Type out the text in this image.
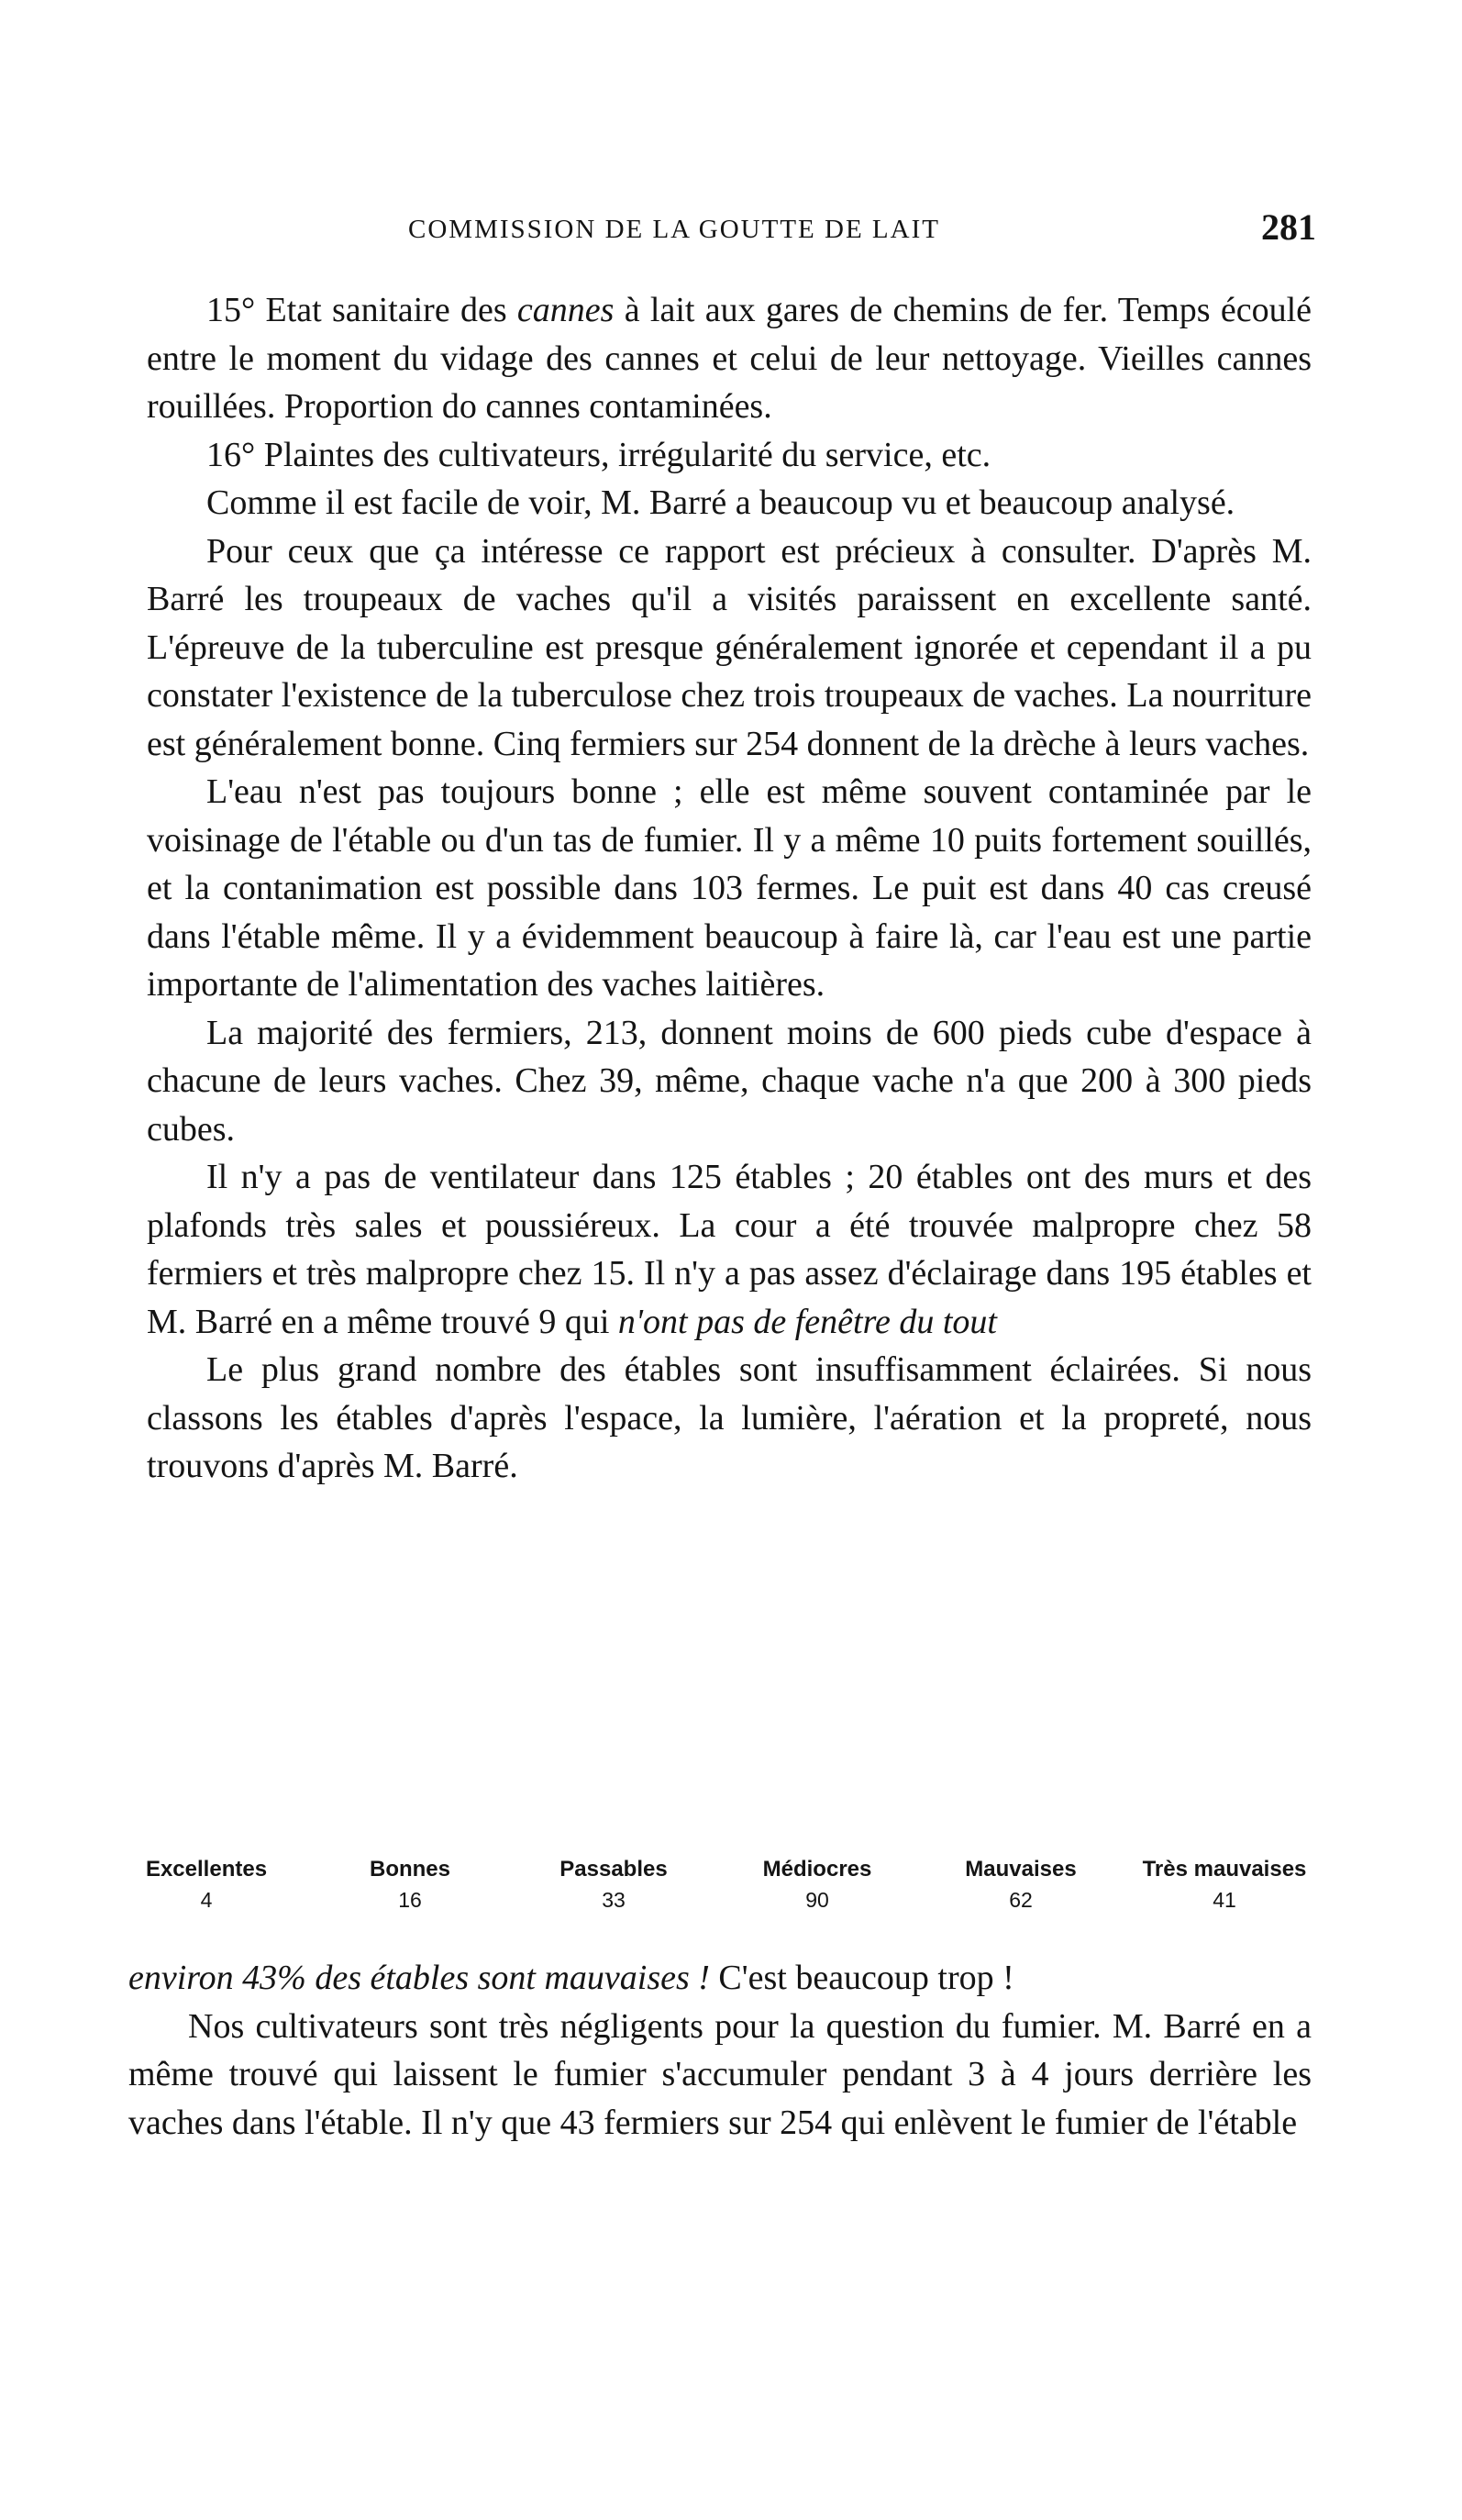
COMMISSION DE LA GOUTTE DE LAIT	281

15° Etat sanitaire des cannes à lait aux gares de chemins de fer. Temps écoulé entre le moment du vidage des cannes et celui de leur nettoyage. Vieilles cannes rouillées. Proportion do cannes contaminées.

16° Plaintes des cultivateurs, irrégularité du service, etc.

Comme il est facile de voir, M. Barré a beaucoup vu et beaucoup analysé.

Pour ceux que ça intéresse ce rapport est précieux à consulter. D'après M. Barré les troupeaux de vaches qu'il a visités paraissent en excellente santé. L'épreuve de la tuberculine est presque généralement ignorée et cependant il a pu constater l'existence de la tuberculose chez trois troupeaux de vaches. La nourriture est généralement bonne. Cinq fermiers sur 254 donnent de la drèche à leurs vaches.

L'eau n'est pas toujours bonne ; elle est même souvent contaminée par le voisinage de l'étable ou d'un tas de fumier. Il y a même 10 puits fortement souillés, et la contanimation est possible dans 103 fermes. Le puit est dans 40 cas creusé dans l'étable même. Il y a évidemment beaucoup à faire là, car l'eau est une partie importante de l'alimentation des vaches laitières.

La majorité des fermiers, 213, donnent moins de 600 pieds cube d'espace à chacune de leurs vaches. Chez 39, même, chaque vache n'a que 200 à 300 pieds cubes.

Il n'y a pas de ventilateur dans 125 étables ; 20 étables ont des murs et des plafonds très sales et poussiéreux. La cour a été trouvée malpropre chez 58 fermiers et très malpropre chez 15. Il n'y a pas assez d'éclairage dans 195 étables et M. Barré en a même trouvé 9 qui n'ont pas de fenêtre du tout

Le plus grand nombre des étables sont insuffisamment éclairées. Si nous classons les étables d'après l'espace, la lumière, l'aération et la propreté, nous trouvons d'après M. Barré.

Excellentes	Bonnes	Passables	Médiocres	Mauvaises	Très mauvaises
4	16	33	90	62	41

environ 43% des étables sont mauvaises ! C'est beaucoup trop !

Nos cultivateurs sont très négligents pour la question du fumier. M. Barré en a même trouvé qui laissent le fumier s'accumuler pendant 3 à 4 jours derrière les vaches dans l'étable. Il n'y que 43 fermiers sur 254 qui enlèvent le fumier de l'étable
